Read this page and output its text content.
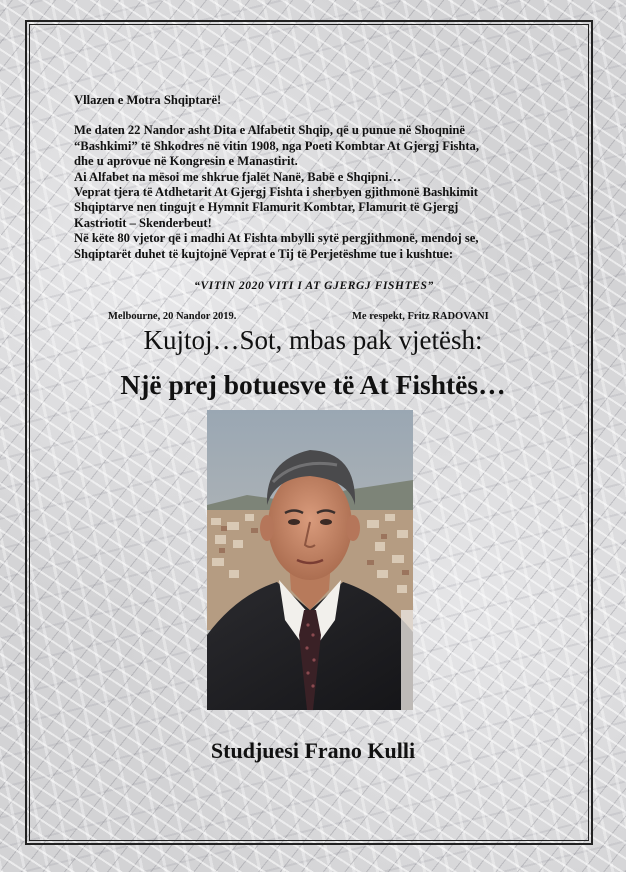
Vllazen e Motra Shqiptarë!

Me daten 22 Nandor asht Dita e Alfabetit Shqip, që u punue në Shoqninë

“Bashkimi” të Shkodres në vitin 1908, nga Poeti Kombtar At Gjergj Fishta,

dhe u aprovue në Kongresin e Manastirit.

Ai Alfabet na mësoi me shkrue fjalët Nanë, Babë e Shqipni…

Veprat tjera të Atdhetarit At Gjergj Fishta i sherbyen gjithmonë Bashkimit

Shqiptarve nen tingujt e Hymnit Flamurit Kombtar, Flamurit të Gjergj

Kastriotit – Skenderbeut!

Në këte 80 vjetor që i madhi At Fishta mbylli sytë pergjithmonë, mendoj se,

Shqiptarët duhet të kujtojnë Veprat e Tij të Perjetëshme tue i kushtue:

“VITIN 2020 VITI I AT GJERGJ FISHTES”
Melbourne, 20 Nandor 2019.	Me respekt, Fritz RADOVANI
Kujtoj…Sot, mbas pak vjetësh:
Një prej botuesve të At Fishtës…
Studjuesi Frano Kulli
